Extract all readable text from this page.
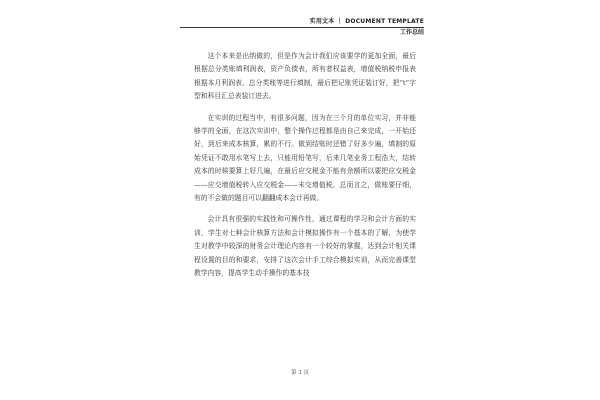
实用文本 ｜ DOCUMENT TEMPLATE
工作总结

这个本来是出纳做的，但是作为会计我们应该要学的更加全面，最后根据总分类账填利润表，资产负债表，所有者权益表，增值税纳税申报表根据本月利润表、总分类账等进行填制，最后把记账凭证装订好，把“t”字型和科目汇总表装订进去。

在实训的过程当中，有很多问题，因为在三个月的单位实习，并非能够学的全面，在这次实训中，整个操作过程都是由自己来完成，一开始还好，到后来成本核算，累的不行。做到结账时还错了好多少遍，填制的原始凭证不敢用水笔写上去，只能用铅笔写，后来几笔业务工程浩大，结转成本的时候要算上好几遍，在最后应交税金不能有余额所以要把应交税金——应交增值税转入应交税金——未交增值税，总而言之，做账要仔细，有的不会做的题目可以翻翻成本会计再做。

会计具有很强的实践性和可操作性，通过课程的学习和会计方面的实训，学生对七种会计核算方法和会计模拟操作有一个基本的了解，为使学生对教学中较深的财务会计理论内容有一个较好的掌握，达到会计相关课程设置的目的和要求，安排了这次会计手工综合模拟实训，从而完善课堂教学内容，提高学生动手操作的基本技

第 3 页
